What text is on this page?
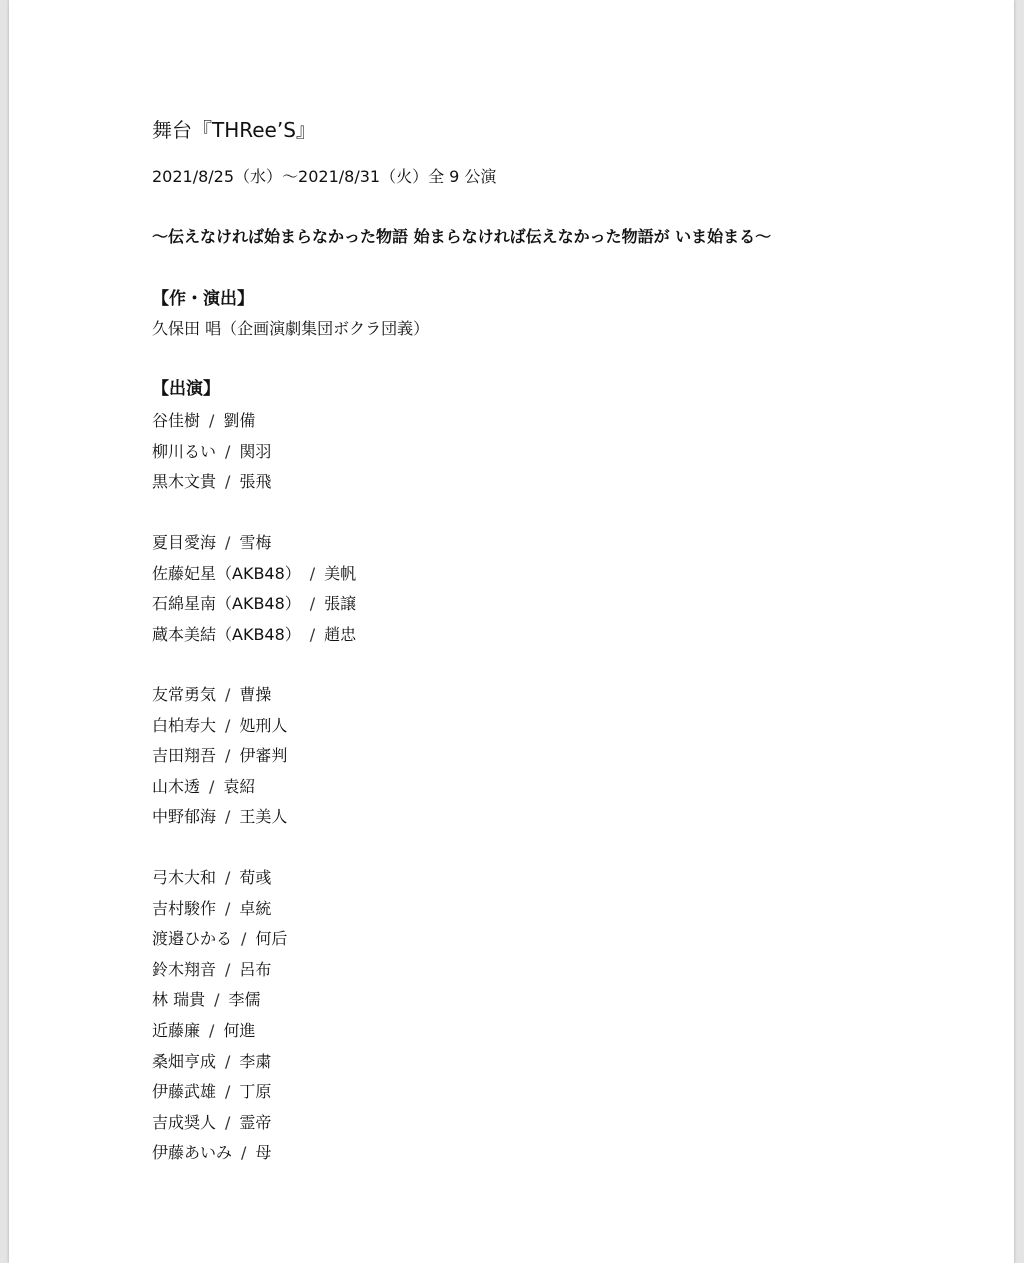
舞台『THRee’S』
2021/8/25（水）～2021/8/31（火）全 9 公演
～伝えなければ始まらなかった物語 始まらなければ伝えなかった物語が いま始まる～
【作・演出】
久保田 唱（企画演劇集団ボクラ団義）
【出演】
谷佳樹 / 劉備
柳川るい / 関羽
黒木文貴 / 張飛
夏目愛海 / 雪梅
佐藤妃星（AKB48） / 美帆
石綿星南（AKB48） / 張譲
蔵本美結（AKB48） / 趙忠
友常勇気 / 曹操
白柏寿大 / 処刑人
吉田翔吾 / 伊審判
山木透 / 袁紹
中野郁海 / 王美人
弓木大和 / 荀彧
吉村駿作 / 卓統
渡邉ひかる / 何后
鈴木翔音 / 呂布
林 瑞貴 / 李儒
近藤廉 / 何進
桑畑亨成 / 李粛
伊藤武雄 / 丁原
吉成奨人 / 霊帝
伊藤あいみ / 母
